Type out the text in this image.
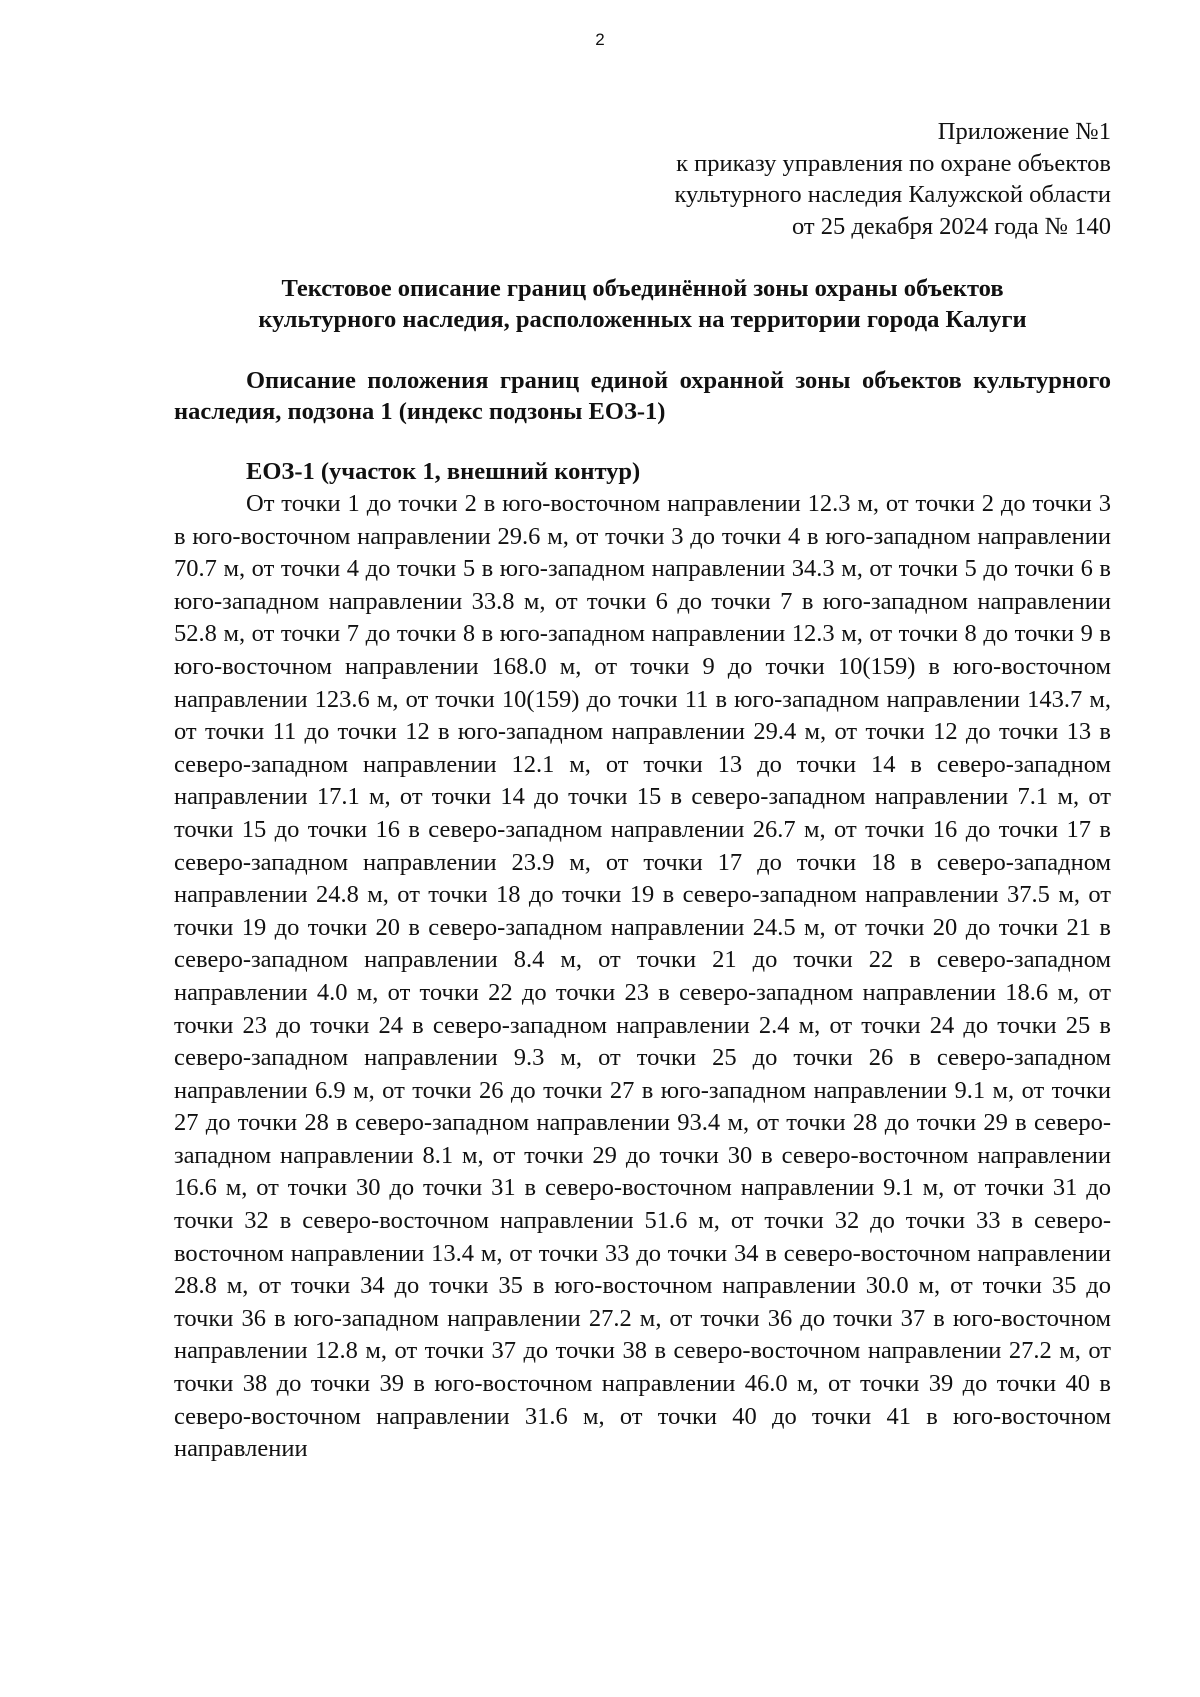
2
Приложение №1
к приказу управления по охране объектов
культурного наследия Калужской области
от 25 декабря 2024 года № 140
Текстовое описание границ объединённой зоны охраны объектов
культурного наследия, расположенных на территории города Калуги
Описание положения границ единой охранной зоны объектов культурного наследия, подзона 1 (индекс подзоны ЕОЗ-1)
ЕОЗ-1 (участок 1, внешний контур)
От точки 1 до точки 2 в юго-восточном направлении 12.3 м, от точки 2 до точки 3 в юго-восточном направлении 29.6 м, от точки 3 до точки 4 в юго-западном направлении 70.7 м, от точки 4 до точки 5 в юго-западном направлении 34.3 м, от точки 5 до точки 6 в юго-западном направлении 33.8 м, от точки 6 до точки 7 в юго-западном направлении 52.8 м, от точки 7 до точки 8 в юго-западном направлении 12.3 м, от точки 8 до точки 9 в юго-восточном направлении 168.0 м, от точки 9 до точки 10(159) в юго-восточном направлении 123.6 м, от точки 10(159) до точки 11 в юго-западном направлении 143.7 м, от точки 11 до точки 12 в юго-западном направлении 29.4 м, от точки 12 до точки 13 в северо-западном направлении 12.1 м, от точки 13 до точки 14 в северо-западном направлении 17.1 м, от точки 14 до точки 15 в северо-западном направлении 7.1 м, от точки 15 до точки 16 в северо-западном направлении 26.7 м, от точки 16 до точки 17 в северо-западном направлении 23.9 м, от точки 17 до точки 18 в северо-западном направлении 24.8 м, от точки 18 до точки 19 в северо-западном направлении 37.5 м, от точки 19 до точки 20 в северо-западном направлении 24.5 м, от точки 20 до точки 21 в северо-западном направлении 8.4 м, от точки 21 до точки 22 в северо-западном направлении 4.0 м, от точки 22 до точки 23 в северо-западном направлении 18.6 м, от точки 23 до точки 24 в северо-западном направлении 2.4 м, от точки 24 до точки 25 в северо-западном направлении 9.3 м, от точки 25 до точки 26 в северо-западном направлении 6.9 м, от точки 26 до точки 27 в юго-западном направлении 9.1 м, от точки 27 до точки 28 в северо-западном направлении 93.4 м, от точки 28 до точки 29 в северо-западном направлении 8.1 м, от точки 29 до точки 30 в северо-восточном направлении 16.6 м, от точки 30 до точки 31 в северо-восточном направлении 9.1 м, от точки 31 до точки 32 в северо-восточном направлении 51.6 м, от точки 32 до точки 33 в северо-восточном направлении 13.4 м, от точки 33 до точки 34 в северо-восточном направлении 28.8 м, от точки 34 до точки 35 в юго-восточном направлении 30.0 м, от точки 35 до точки 36 в юго-западном направлении 27.2 м, от точки 36 до точки 37 в юго-восточном направлении 12.8 м, от точки 37 до точки 38 в северо-восточном направлении 27.2 м, от точки 38 до точки 39 в юго-восточном направлении 46.0 м, от точки 39 до точки 40 в северо-восточном направлении 31.6 м, от точки 40 до точки 41 в юго-восточном направлении
